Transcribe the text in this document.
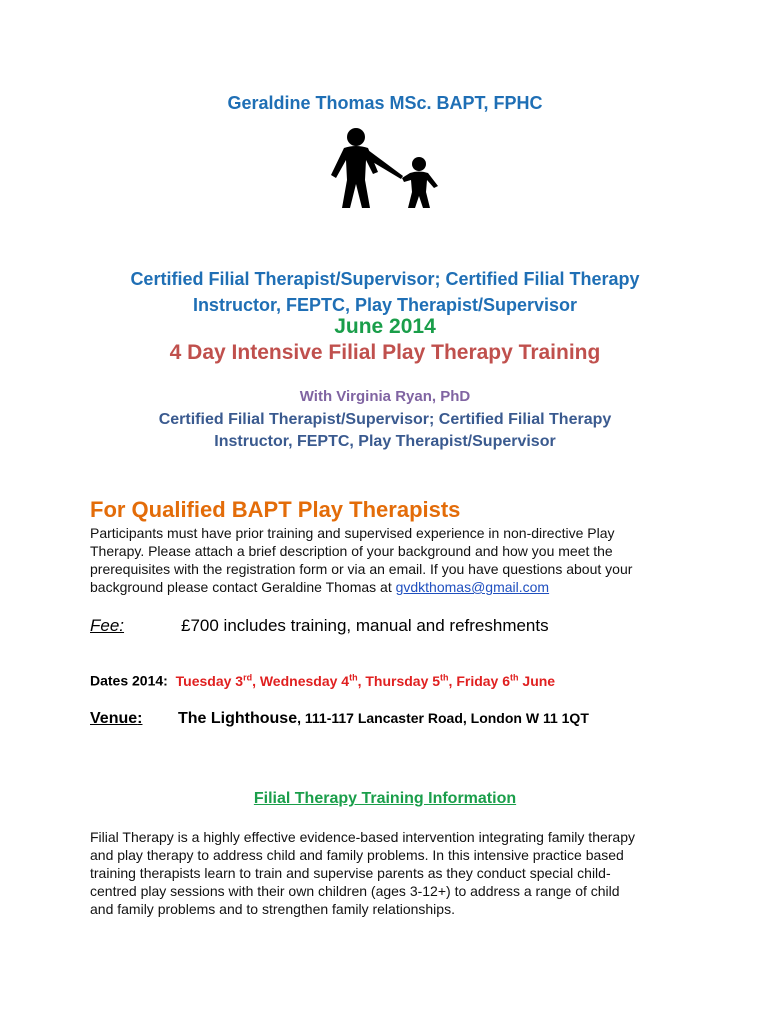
Geraldine Thomas MSc. BAPT, FPHC
Certified Filial Therapist/Supervisor; Certified Filial Therapy
Instructor, FEPTC, Play Therapist/Supervisor
June 2014
4 Day Intensive Filial Play Therapy Training
With Virginia Ryan, PhD
Certified Filial Therapist/Supervisor; Certified Filial Therapy
Instructor, FEPTC, Play Therapist/Supervisor
For Qualified BAPT Play Therapists
Participants must have prior training and supervised experience in non-directive Play
Therapy. Please attach a brief description of your background and how you meet the
prerequisites with the registration form or via an email. If you have questions about your
background please contact Geraldine Thomas at gvdkthomas@gmail.com
Fee:	£700 includes training, manual and refreshments
Dates 2014: Tuesday 3rd, Wednesday 4th, Thursday 5th, Friday 6th June
Venue: The Lighthouse, 111-117 Lancaster Road, London W 11 1QT
Filial Therapy Training Information
Filial Therapy is a highly effective evidence-based intervention integrating family therapy
and play therapy to address child and family problems. In this intensive practice based
training therapists learn to train and supervise parents as they conduct special child-
centred play sessions with their own children (ages 3-12+) to address a range of child
and family problems and to strengthen family relationships.
